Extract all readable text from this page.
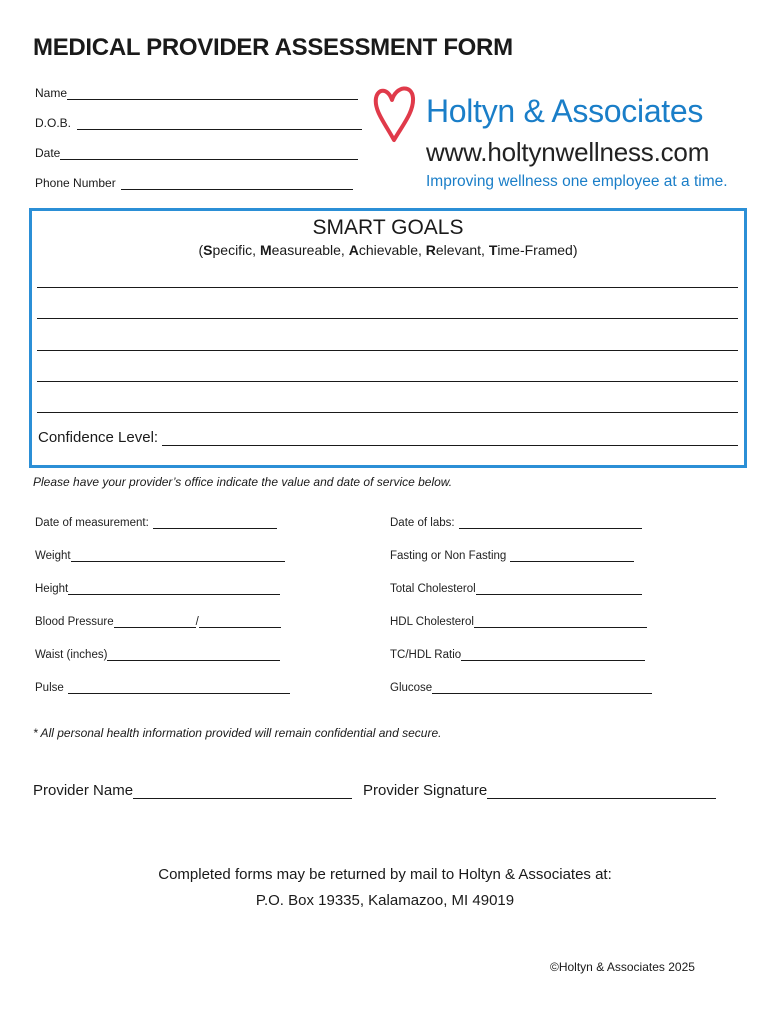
MEDICAL PROVIDER ASSESSMENT FORM
Name
D.O.B.
Date
Phone Number
Holtyn & Associates
www.holtynwellness.com
Improving wellness one employee at a time.
SMART GOALS
(Specific, Measureable, Achievable, Relevant, Time-Framed)
Confidence Level:
Please have your provider’s office indicate the value and date of service below.
Date of measurement:
Weight
Height
Blood Pressure	/
Waist (inches)
Pulse
Date of labs:
Fasting or Non Fasting
Total Cholesterol
HDL Cholesterol
TC/HDL Ratio
Glucose
* All personal health information provided will remain confidential and secure.
Provider Name	Provider Signature
Completed forms may be returned by mail to Holtyn & Associates at:
P.O. Box 19335, Kalamazoo, MI 49019
©Holtyn & Associates 2025
